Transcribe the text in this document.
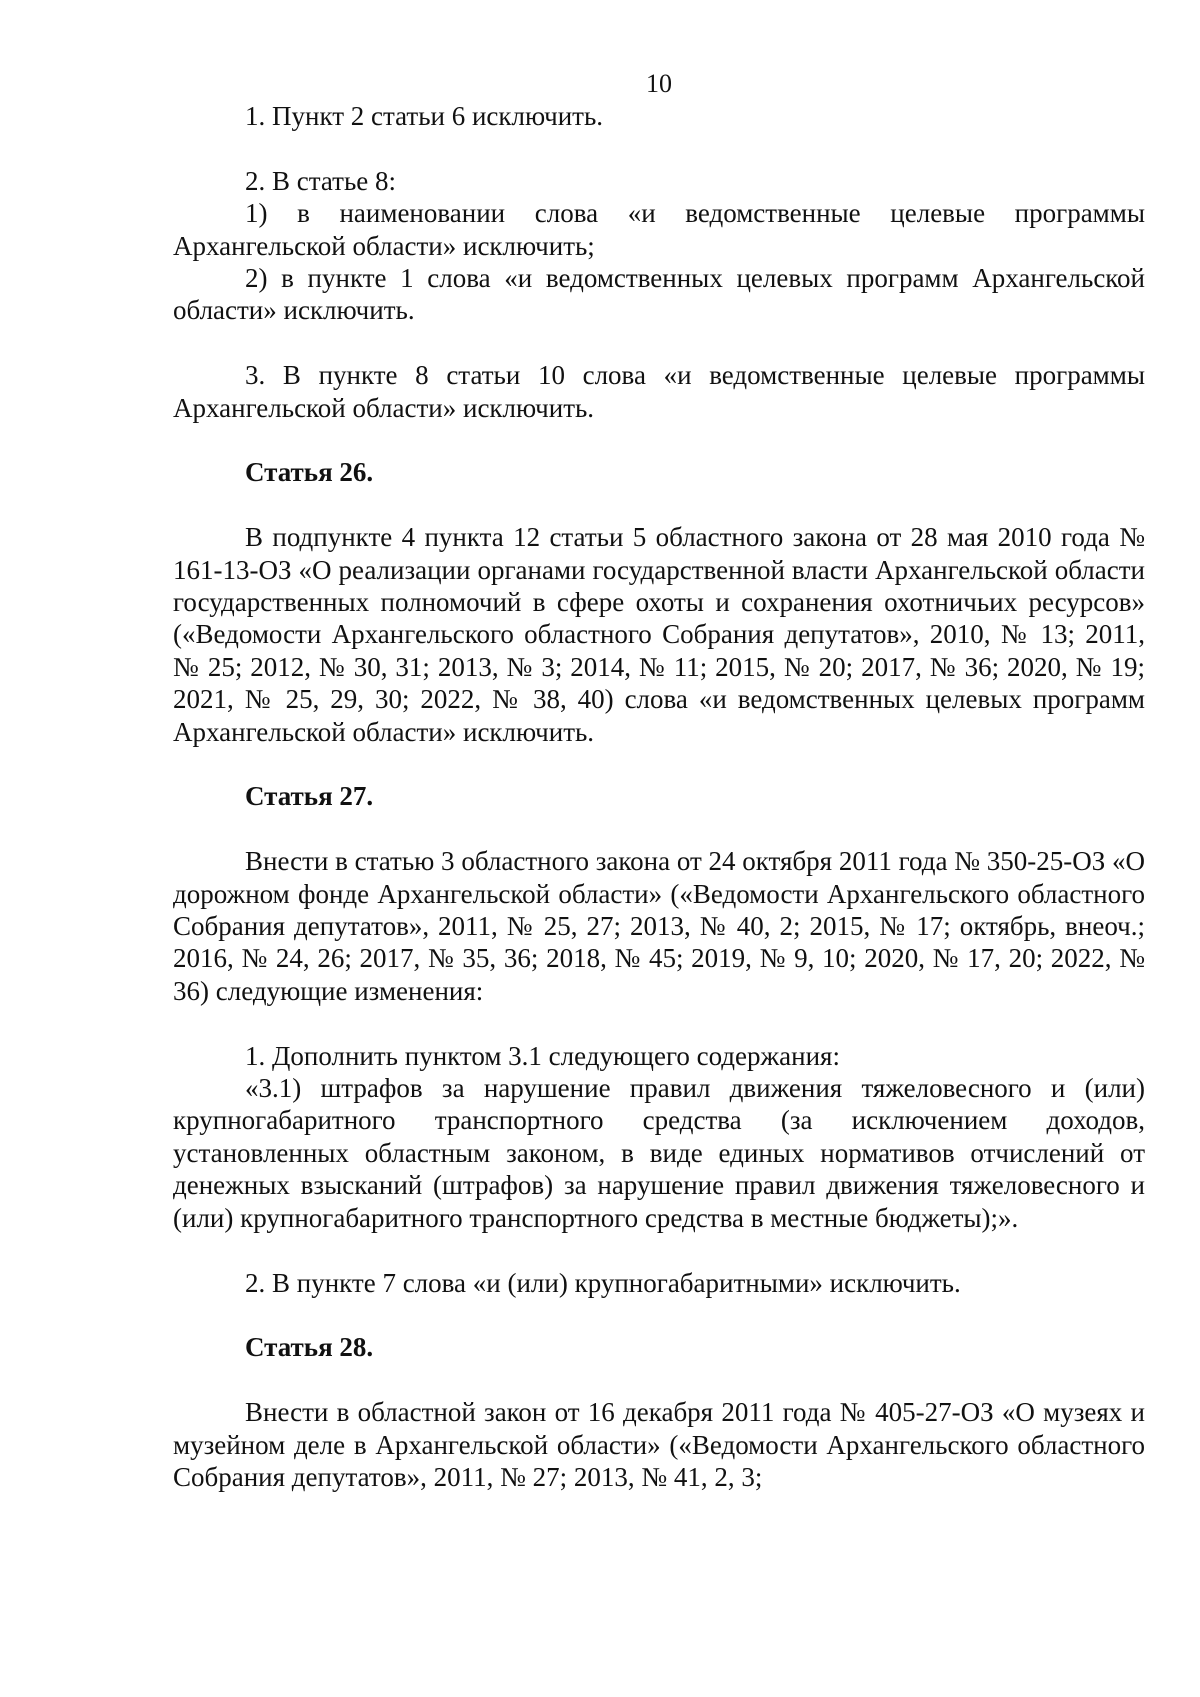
10

1. Пункт 2 статьи 6 исключить.

2. В статье 8:

1) в наименовании слова «и ведомственные целевые программы Архангельской области» исключить;

2) в пункте 1 слова «и ведомственных целевых программ Архангельской области» исключить.

3. В пункте 8 статьи 10 слова «и ведомственные целевые программы Архангельской области» исключить.

Статья 26.

В подпункте 4 пункта 12 статьи 5 областного закона от 28 мая 2010 года № 161-13-ОЗ «О реализации органами государственной власти Архангельской области государственных полномочий в сфере охоты и сохранения охотничьих ресурсов» («Ведомости Архангельского областного Собрания депутатов», 2010, № 13; 2011, № 25; 2012, № 30, 31; 2013, № 3; 2014, № 11; 2015, № 20; 2017, № 36; 2020, № 19; 2021, № 25, 29, 30; 2022, № 38, 40) слова «и ведомственных целевых программ Архангельской области» исключить.

Статья 27.

Внести в статью 3 областного закона от 24 октября 2011 года № 350-25-ОЗ «О дорожном фонде Архангельской области» («Ведомости Архангельского областного Собрания депутатов», 2011, № 25, 27; 2013, № 40, 2; 2015, № 17; октябрь, внеоч.; 2016, № 24, 26; 2017, № 35, 36; 2018, № 45; 2019, № 9, 10; 2020, № 17, 20; 2022, № 36) следующие изменения:

1. Дополнить пунктом 3.1 следующего содержания:

«3.1) штрафов за нарушение правил движения тяжеловесного и (или) крупногабаритного транспортного средства (за исключением доходов, установленных областным законом, в виде единых нормативов отчислений от денежных взысканий (штрафов) за нарушение правил движения тяжеловесного и (или) крупногабаритного транспортного средства в местные бюджеты);».

2. В пункте 7 слова «и (или) крупногабаритными» исключить.

Статья 28.

Внести в областной закон от 16 декабря 2011 года № 405-27-ОЗ «О музеях и музейном деле в Архангельской области» («Ведомости Архангельского областного Собрания депутатов», 2011, № 27; 2013, № 41, 2, 3;
